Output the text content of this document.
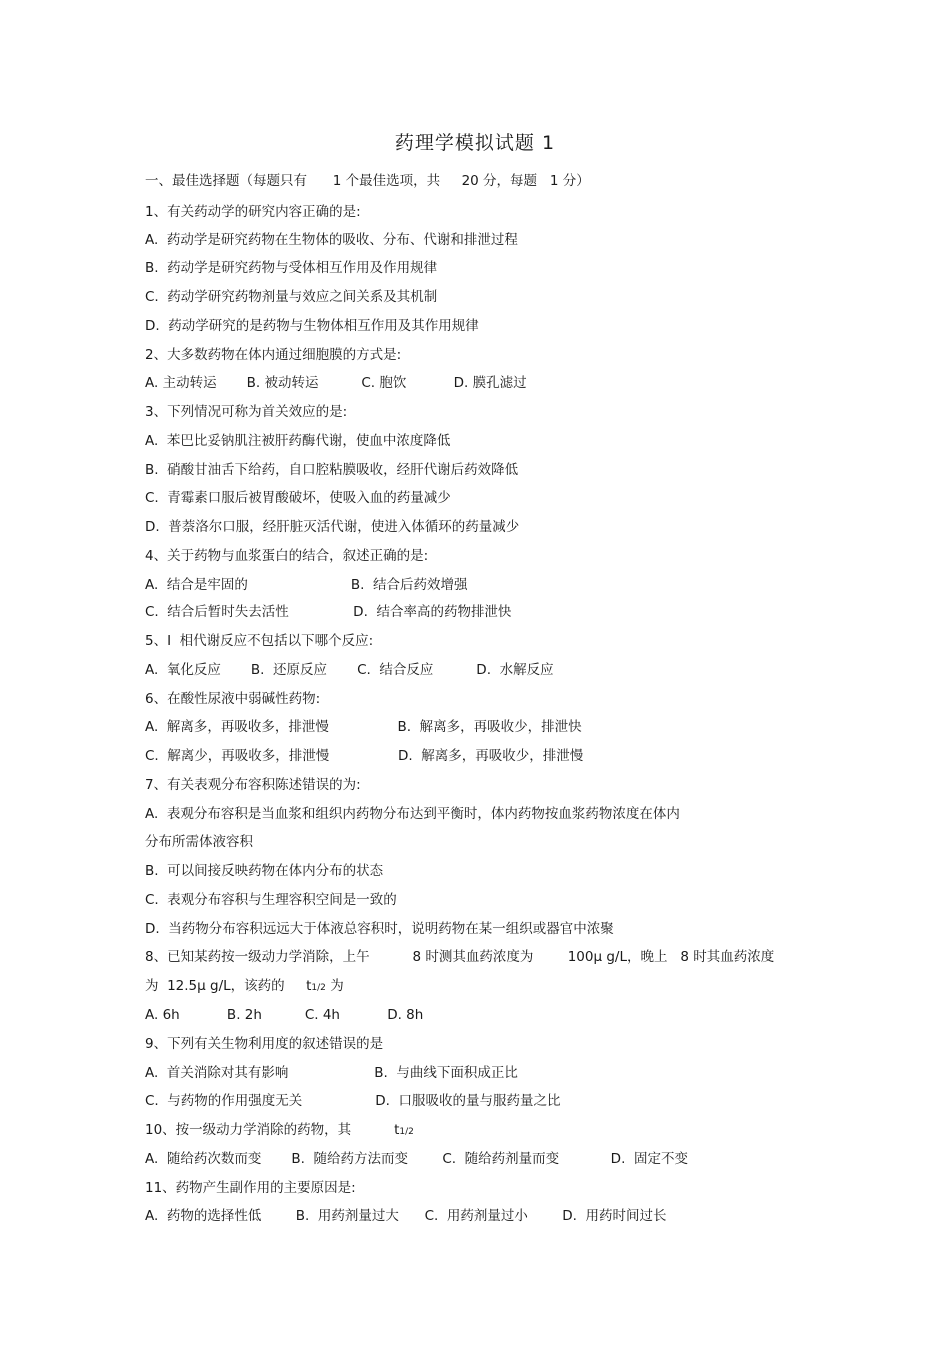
药理学模拟试题 1
一、最佳选择题（每题只有      1 个最佳选项，共     20 分，每题   1 分）
1、有关药动学的研究内容正确的是:
A.  药动学是研究药物在生物体的吸收、分布、代谢和排泄过程
B.  药动学是研究药物与受体相互作用及作用规律
C.  药动学研究药物剂量与效应之间关系及其机制
D.  药动学研究的是药物与生物体相互作用及其作用规律
2、大多数药物在体内通过细胞膜的方式是:
A. 主动转运       B. 被动转运          C. 胞饮           D. 膜孔滤过
3、下列情况可称为首关效应的是:
A.  苯巴比妥钠肌注被肝药酶代谢，使血中浓度降低
B.  硝酸甘油舌下给药，自口腔粘膜吸收，经肝代谢后药效降低
C.  青霉素口服后被胃酸破坏，使吸入血的药量减少
D.  普萘洛尔口服，经肝脏灭活代谢，使进入体循环的药量减少
4、关于药物与血浆蛋白的结合，叙述正确的是:
A.  结合是牢固的                        B.  结合后药效增强
C.  结合后暂时失去活性               D.  结合率高的药物排泄快
5、I  相代谢反应不包括以下哪个反应:
A.  氧化反应       B.  还原反应       C.  结合反应          D.  水解反应
6、在酸性尿液中弱碱性药物:
A.  解离多，再吸收多，排泄慢                B.  解离多，再吸收少，排泄快
C.  解离少，再吸收多，排泄慢                D.  解离多，再吸收少，排泄慢
7、有关表观分布容积陈述错误的为:
A.  表观分布容积是当血浆和组织内药物分布达到平衡时，体内药物按血浆药物浓度在体内
分布所需体液容积
B.  可以间接反映药物在体内分布的状态
C.  表观分布容积与生理容积空间是一致的
D.  当药物分布容积远远大于体液总容积时，说明药物在某一组织或器官中浓聚
8、已知某药按一级动力学消除，上午          8 时测其血药浓度为        100μ g/L，晚上   8 时其血药浓度
为  12.5μ g/L，该药的     t1/2 为
A. 6h           B. 2h          C. 4h           D. 8h
9、下列有关生物利用度的叙述错误的是
A.  首关消除对其有影响                    B.  与曲线下面积成正比
C.  与药物的作用强度无关                 D.  口服吸收的量与服药量之比
10、按一级动力学消除的药物，其          t1/2
A.  随给药次数而变       B.  随给药方法而变        C.  随给药剂量而变            D.  固定不变
11、药物产生副作用的主要原因是:
A.  药物的选择性低        B.  用药剂量过大      C.  用药剂量过小        D.  用药时间过长
